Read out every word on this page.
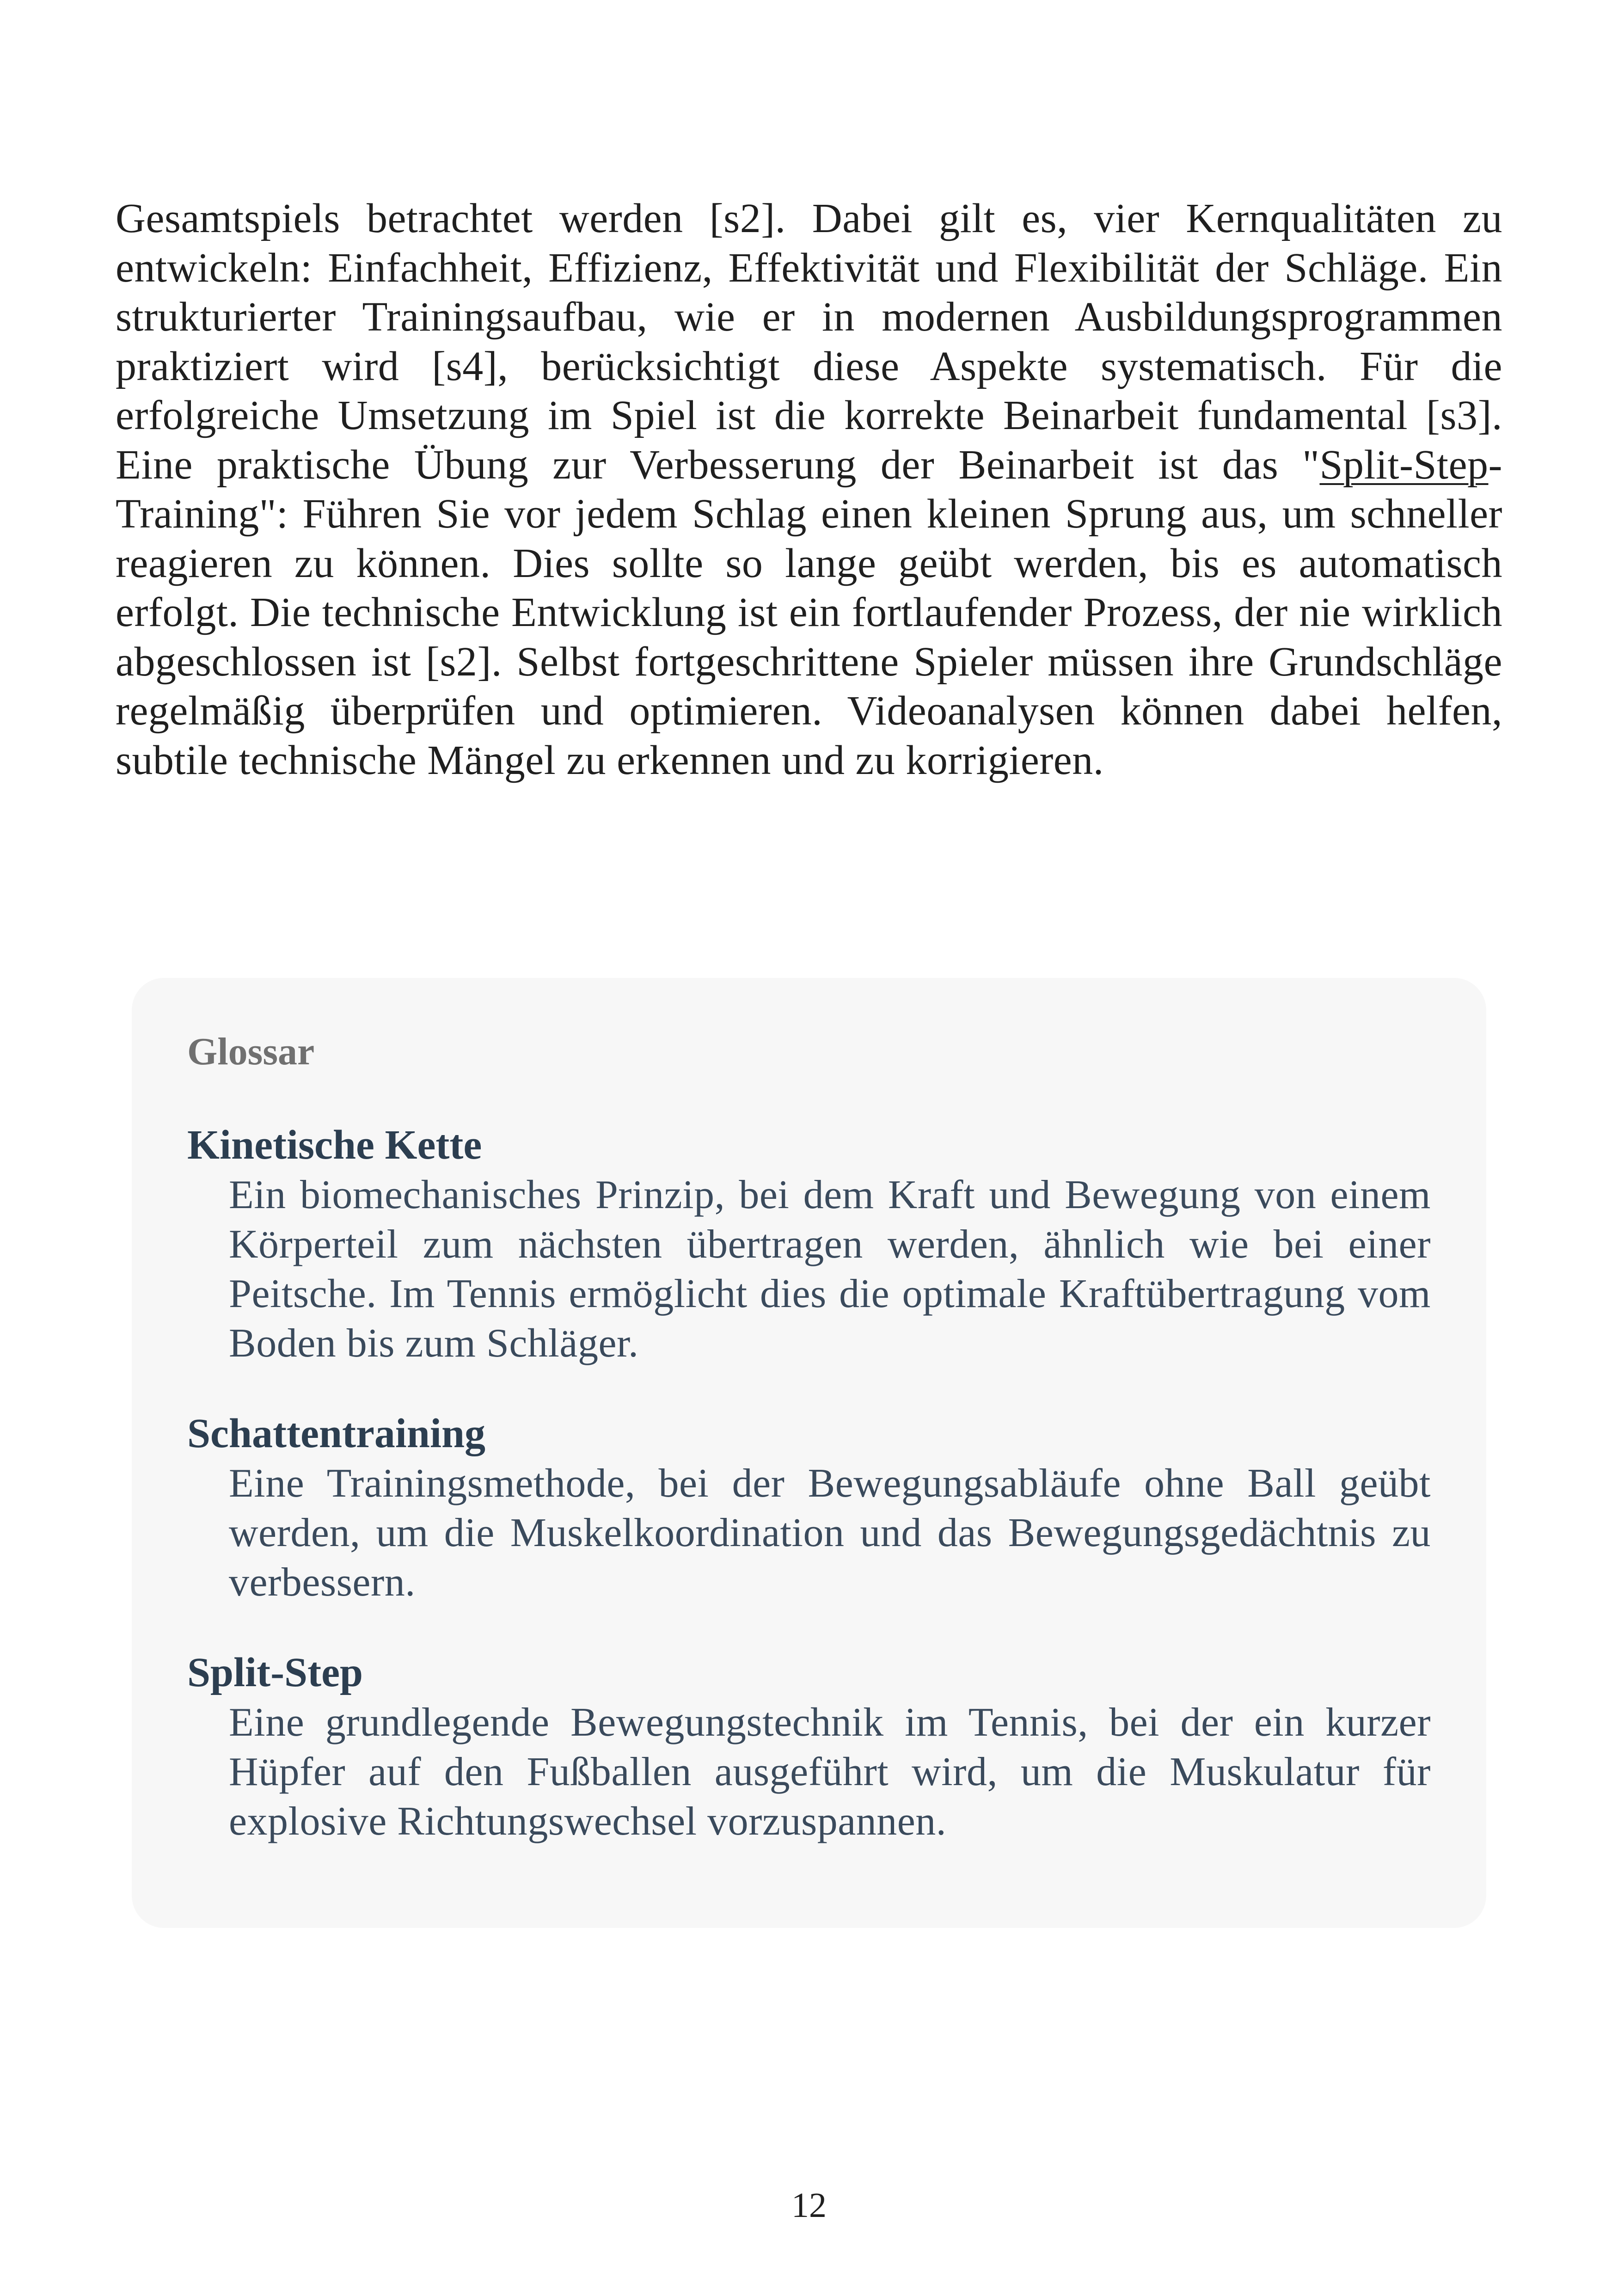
Gesamtspiels betrachtet werden [s2]. Dabei gilt es, vier Kernqualitäten zu entwickeln: Einfachheit, Effizienz, Effektivität und Flexibilität der Schläge. Ein strukturierter Trainingsaufbau, wie er in modernen Ausbildungsprogrammen praktiziert wird [s4], berücksichtigt diese Aspekte systematisch. Für die erfolgreiche Umsetzung im Spiel ist die korrekte Beinarbeit fundamental [s3]. Eine praktische Übung zur Verbesserung der Beinarbeit ist das "Split-Step-Training": Führen Sie vor jedem Schlag einen kleinen Sprung aus, um schneller reagieren zu können. Dies sollte so lange geübt werden, bis es automatisch erfolgt. Die technische Entwicklung ist ein fortlaufender Prozess, der nie wirklich abgeschlossen ist [s2]. Selbst fortgeschrittene Spieler müssen ihre Grundschläge regelmäßig überprüfen und optimieren. Videoanalysen können dabei helfen, subtile technische Mängel zu erkennen und zu korrigieren.

Glossar
Kinetische Kette
Ein biomechanisches Prinzip, bei dem Kraft und Bewegung von einem Körperteil zum nächsten übertragen werden, ähnlich wie bei einer Peitsche. Im Tennis ermöglicht dies die optimale Kraftübertragung vom Boden bis zum Schläger.
Schattentraining
Eine Trainingsmethode, bei der Bewegungsabläufe ohne Ball geübt werden, um die Muskelkoordination und das Bewegungsgedächtnis zu verbessern.
Split-Step
Eine grundlegende Bewegungstechnik im Tennis, bei der ein kurzer Hüpfer auf den Fußballen ausgeführt wird, um die Muskulatur für explosive Richtungswechsel vorzuspannen.
12
